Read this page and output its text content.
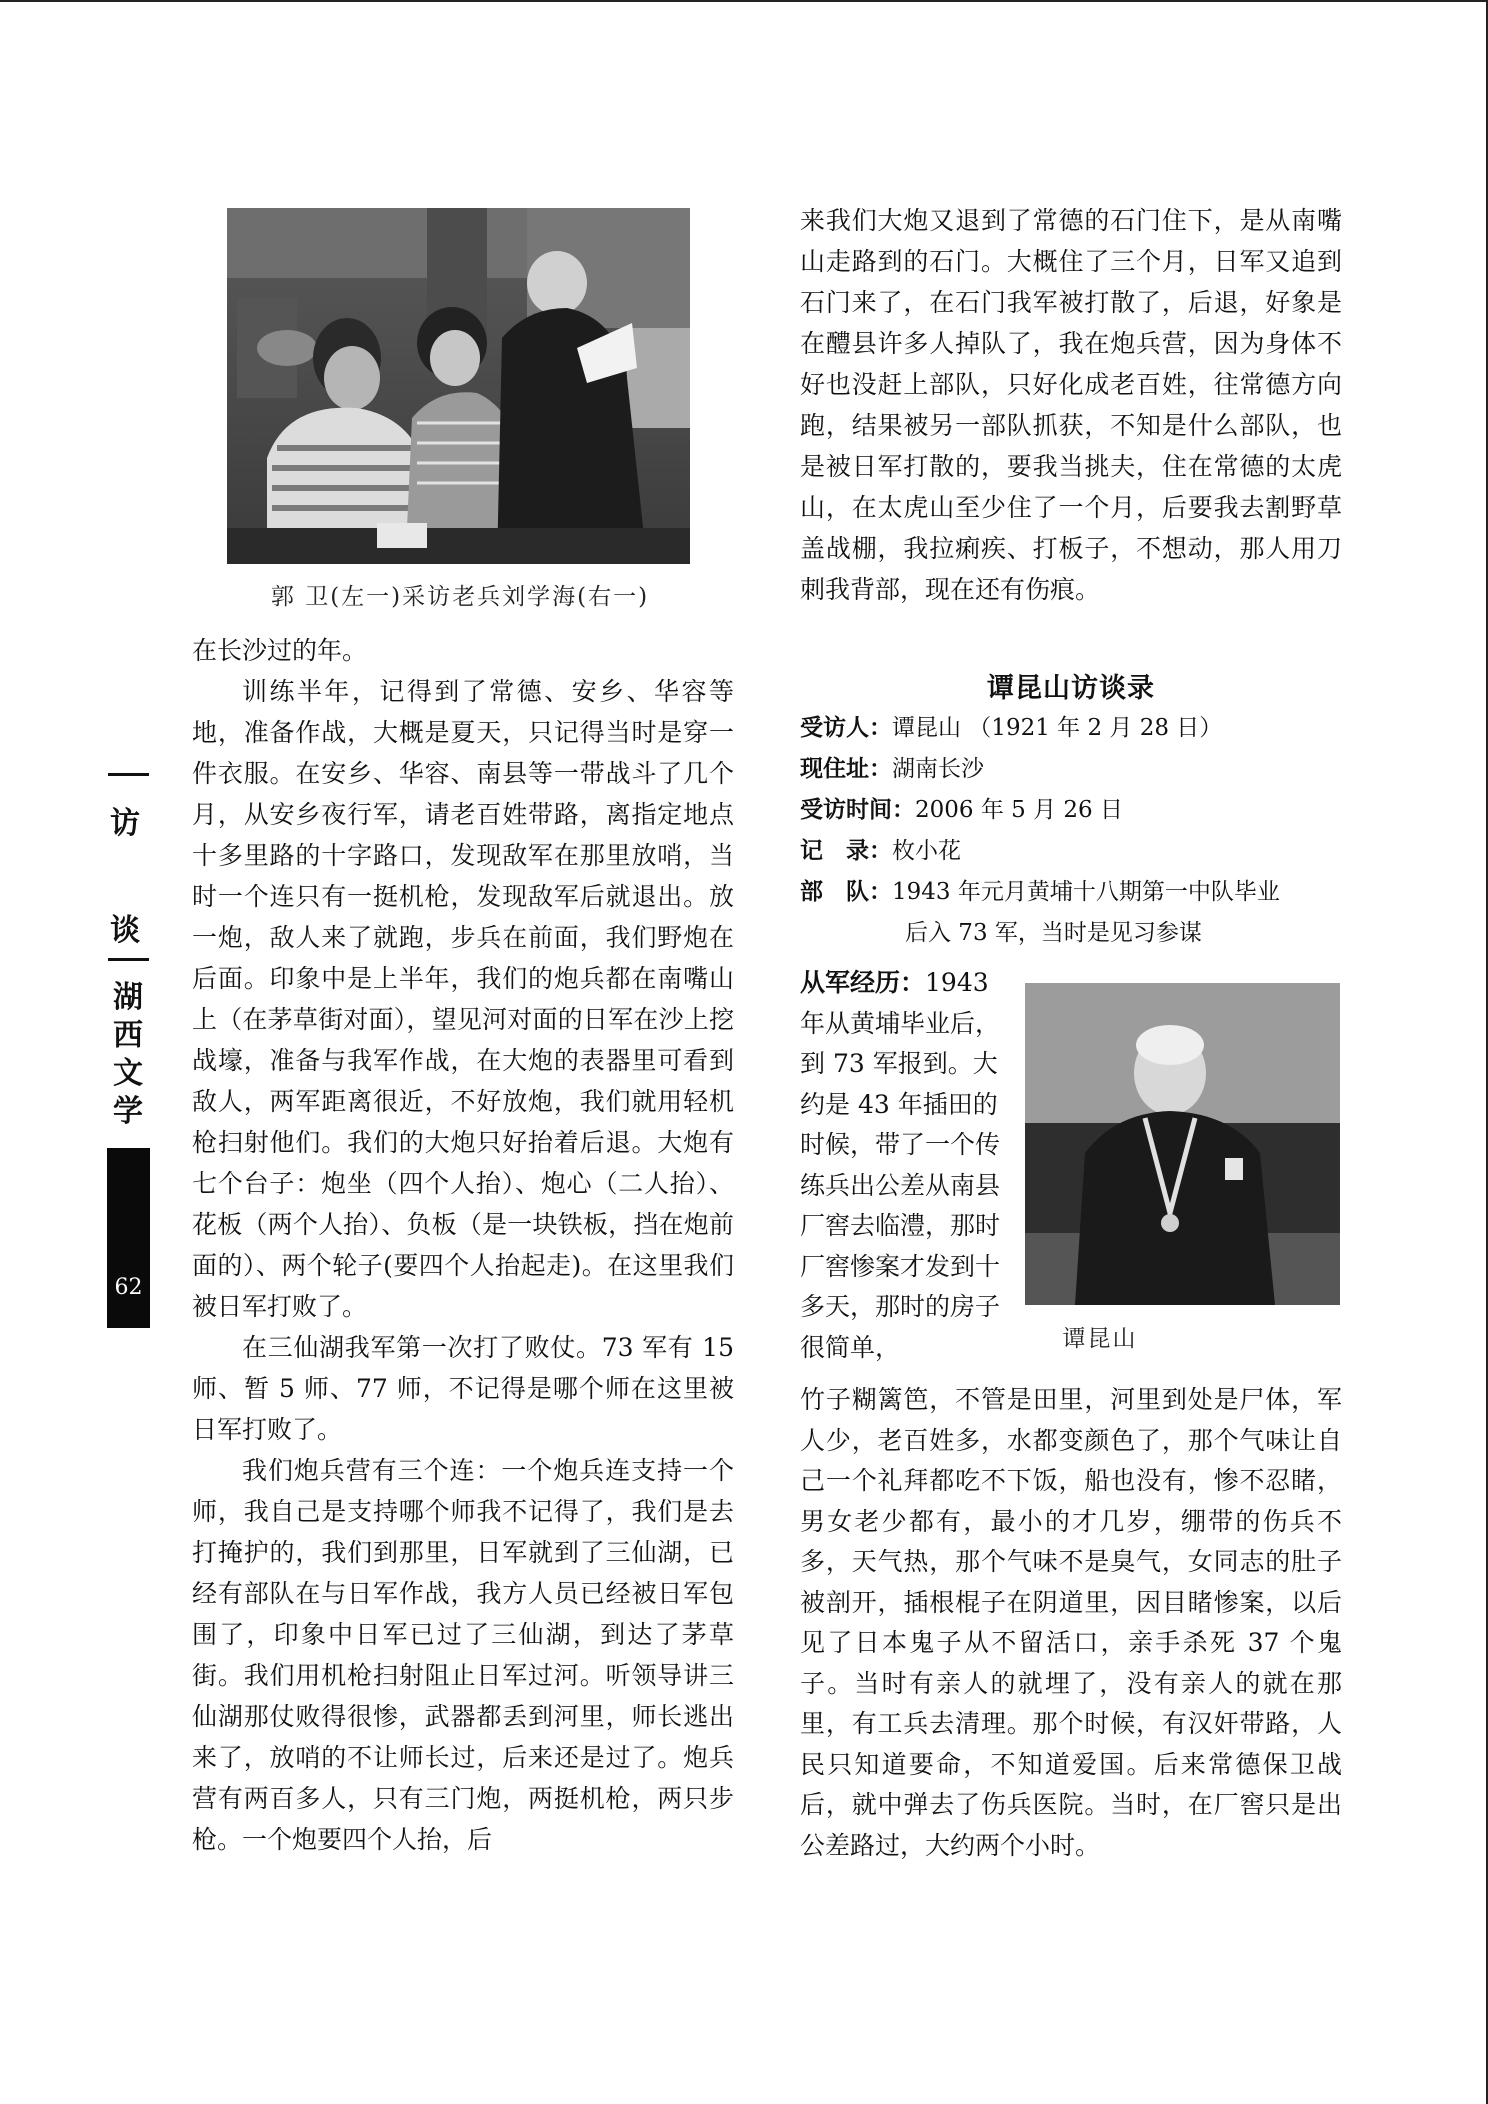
访
谈
湖
西
文
学
62
郭 卫(左一)采访老兵刘学海(右一)

在长沙过的年。

训练半年，记得到了常德、安乡、华容等地，准备作战，大概是夏天，只记得当时是穿一件衣服。在安乡、华容、南县等一带战斗了几个月，从安乡夜行军，请老百姓带路，离指定地点十多里路的十字路口，发现敌军在那里放哨，当时一个连只有一挺机枪，发现敌军后就退出。放一炮，敌人来了就跑，步兵在前面，我们野炮在后面。印象中是上半年，我们的炮兵都在南嘴山上（在茅草街对面），望见河对面的日军在沙上挖战壕，准备与我军作战，在大炮的表器里可看到敌人，两军距离很近，不好放炮，我们就用轻机枪扫射他们。我们的大炮只好抬着后退。大炮有七个台子：炮坐（四个人抬）、炮心（二人抬）、花板（两个人抬）、负板（是一块铁板，挡在炮前面的）、两个轮子(要四个人抬起走)。在这里我们被日军打败了。

在三仙湖我军第一次打了败仗。73 军有 15 师、暂 5 师、77 师，不记得是哪个师在这里被日军打败了。

我们炮兵营有三个连：一个炮兵连支持一个师，我自己是支持哪个师我不记得了，我们是去打掩护的，我们到那里，日军就到了三仙湖，已经有部队在与日军作战，我方人员已经被日军包围了，印象中日军已过了三仙湖，到达了茅草街。我们用机枪扫射阻止日军过河。听领导讲三仙湖那仗败得很惨，武器都丢到河里，师长逃出来了，放哨的不让师长过，后来还是过了。炮兵营有两百多人，只有三门炮，两挺机枪，两只步枪。一个炮要四个人抬，后

来我们大炮又退到了常德的石门住下，是从南嘴山走路到的石门。大概住了三个月，日军又追到石门来了，在石门我军被打散了，后退，好象是在醴县许多人掉队了，我在炮兵营，因为身体不好也没赶上部队，只好化成老百姓，往常德方向跑，结果被另一部队抓获，不知是什么部队，也是被日军打散的，要我当挑夫，住在常德的太虎山，在太虎山至少住了一个月，后要我去割野草盖战棚，我拉痢疾、打板子，不想动，那人用刀刺我背部，现在还有伤痕。

谭昆山访谈录
受访人：谭昆山 （1921 年 2 月 28 日）
现住址：湖南长沙
受访时间：2006 年 5 月 26 日
记　录：枚小花
部　队：1943 年元月黄埔十八期第一中队毕业
后入 73 军，当时是见习参谋
从军经历：1943 年从黄埔毕业后，到 73 军报到。大约是 43 年插田的时候，带了一个传练兵出公差从南县厂窖去临澧，那时厂窖惨案才发到十多天，那时的房子很简单，	谭昆山

竹子糊篱笆，不管是田里，河里到处是尸体，军人少，老百姓多，水都变颜色了，那个气味让自己一个礼拜都吃不下饭，船也没有，惨不忍睹，男女老少都有，最小的才几岁，绷带的伤兵不多，天气热，那个气味不是臭气，女同志的肚子被剖开，插根棍子在阴道里，因目睹惨案，以后见了日本鬼子从不留活口，亲手杀死 37 个鬼子。当时有亲人的就埋了，没有亲人的就在那里，有工兵去清理。那个时候，有汉奸带路，人民只知道要命，不知道爱国。后来常德保卫战后，就中弹去了伤兵医院。当时，在厂窖只是出公差路过，大约两个小时。
